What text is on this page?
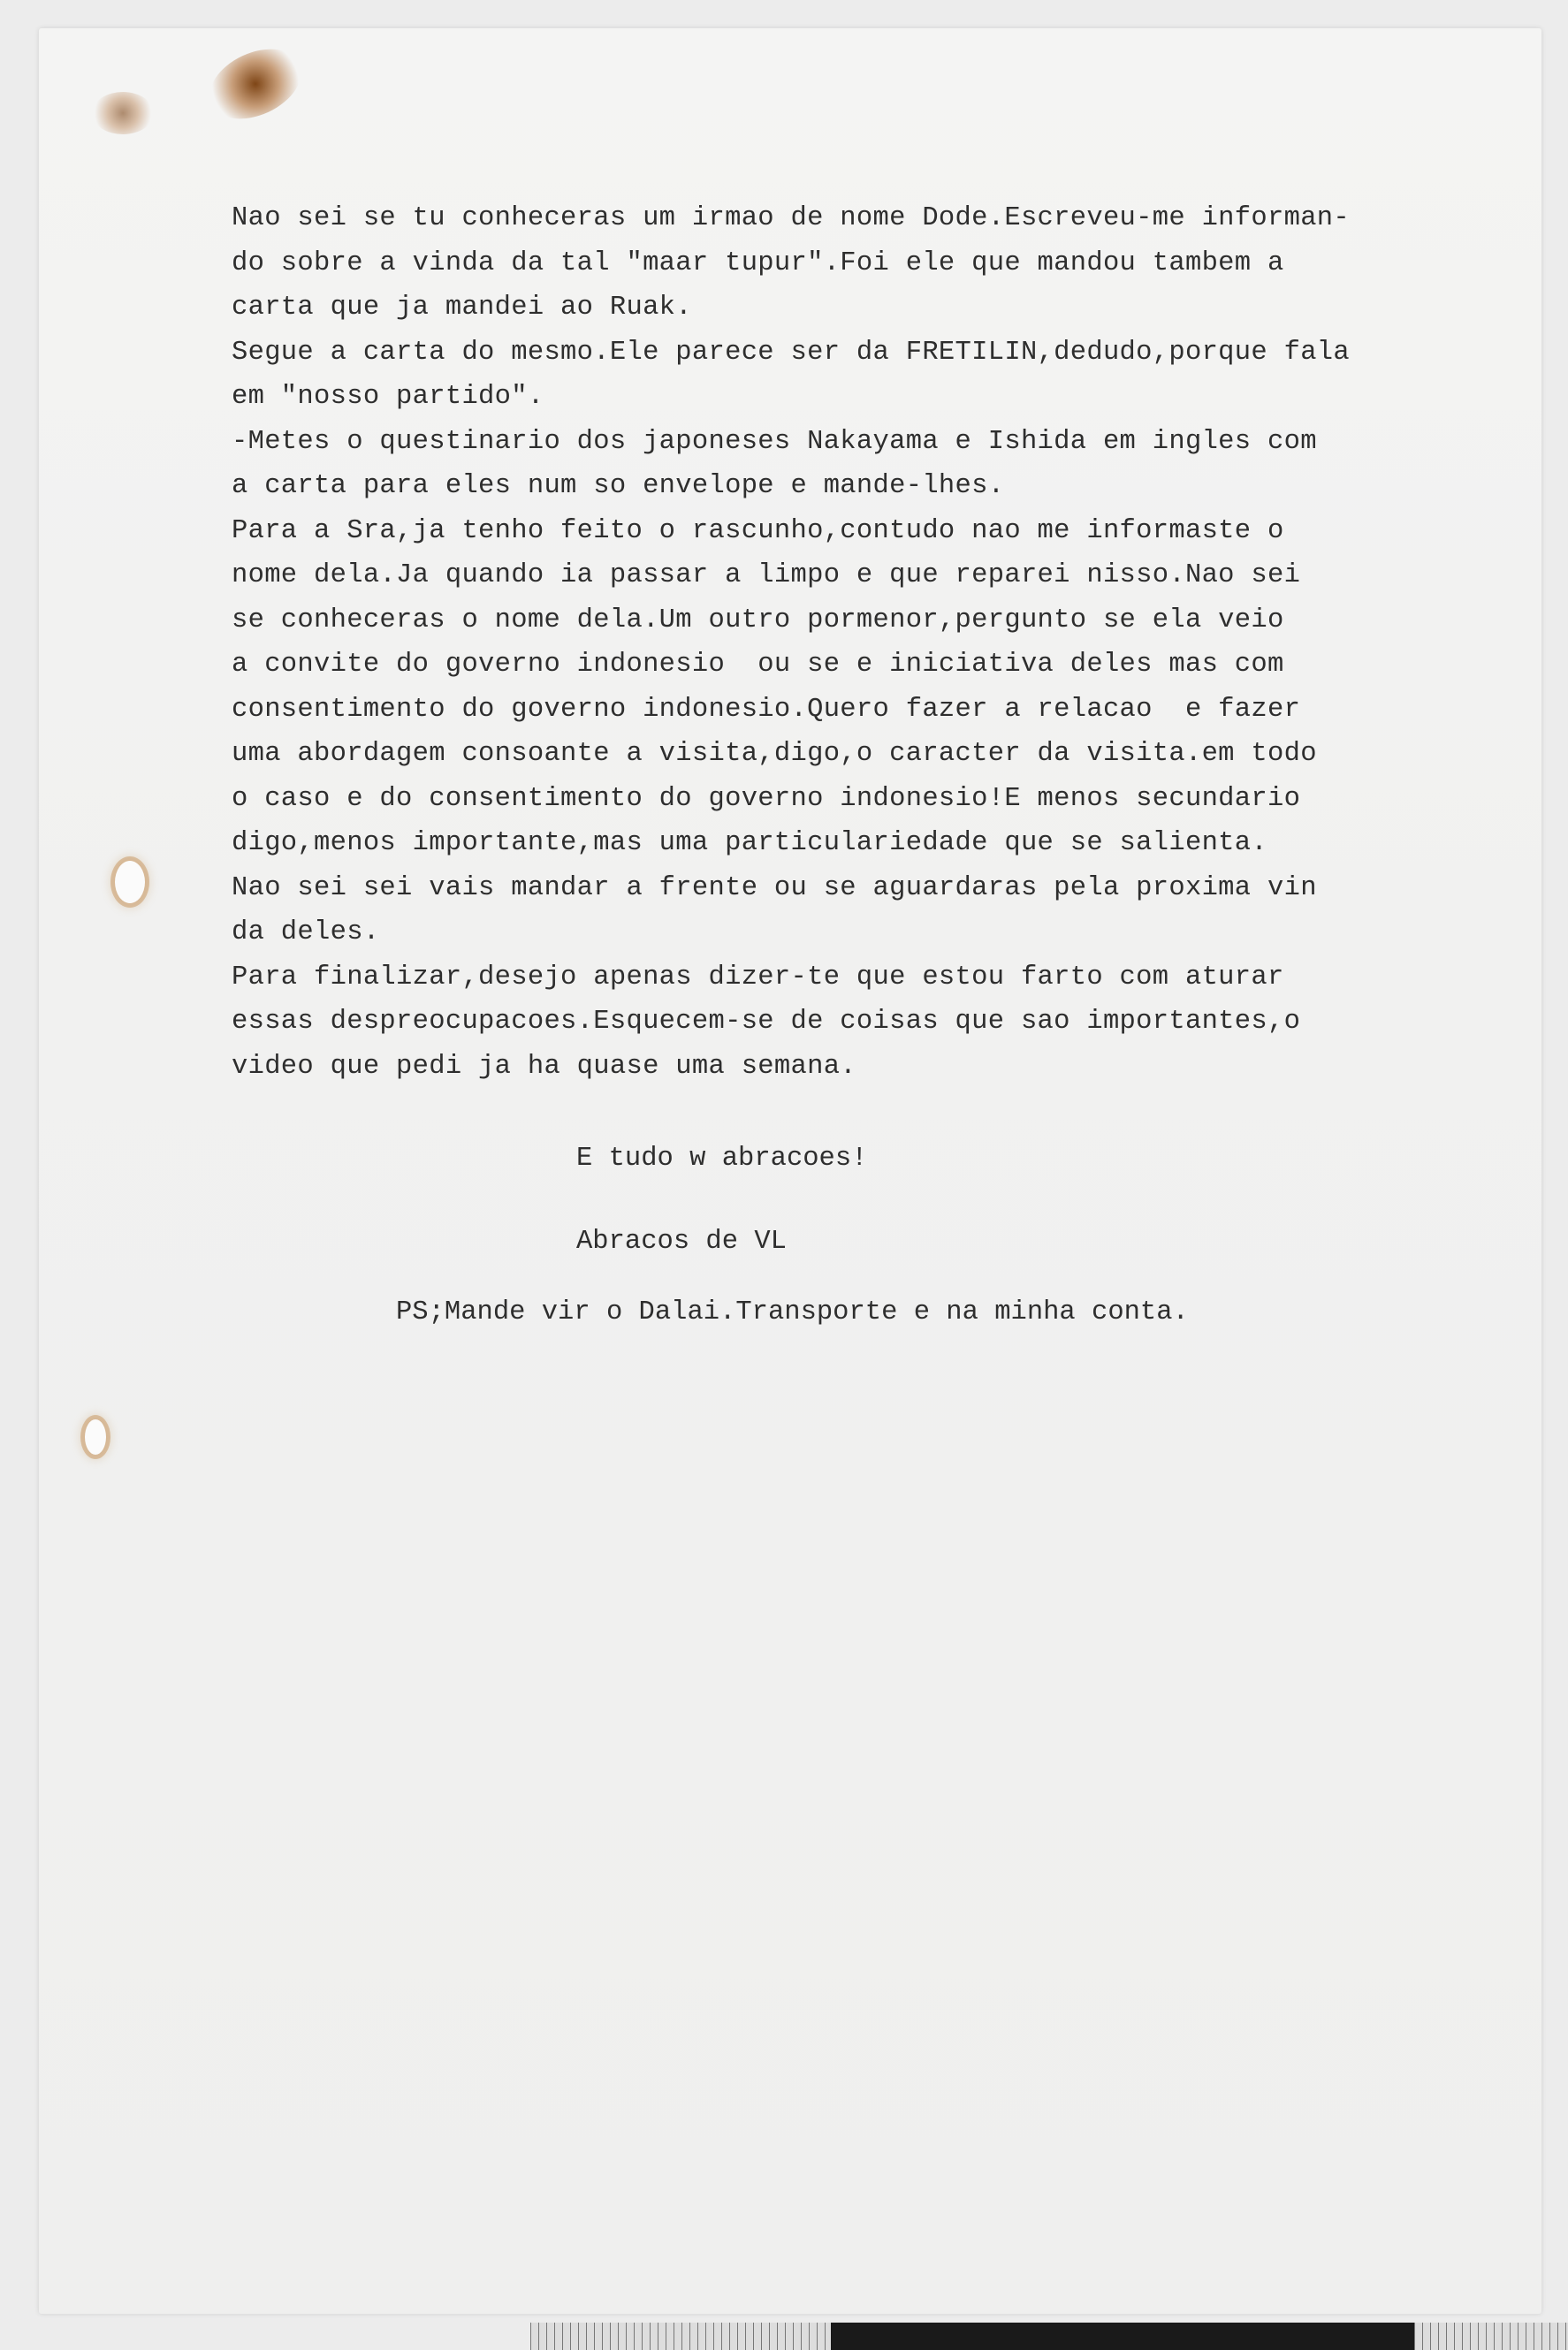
Nao sei se tu conheceras um irmao de nome Dode.Escreveu-me informan-
do sobre a vinda da tal "maar tupur".Foi ele que mandou tambem a
carta que ja mandei ao Ruak.
Segue a carta do mesmo.Ele parece ser da FRETILIN,dedudo,porque fala
em "nosso partido".
-Metes o questinario dos japoneses Nakayama e Ishida em ingles com
a carta para eles num so envelope e mande-lhes.
Para a Sra,ja tenho feito o rascunho,contudo nao me informaste o
nome dela.Ja quando ia passar a limpo e que reparei nisso.Nao sei
se conheceras o nome dela.Um outro pormenor,pergunto se ela veio
a convite do governo indonesio  ou se e iniciativa deles mas com
consentimento do governo indonesio.Quero fazer a relacao  e fazer
uma abordagem consoante a visita,digo,o caracter da visita.em todo
o caso e do consentimento do governo indonesio!E menos secundario
digo,menos importante,mas uma particulariedade que se salienta.
Nao sei sei vais mandar a frente ou se aguardaras pela proxima vin
da deles.
Para finalizar,desejo apenas dizer-te que estou farto com aturar
essas despreocupacoes.Esquecem-se de coisas que sao importantes,o
video que pedi ja ha quase uma semana.
E tudo w abracoes!
Abracos de VL
PS;Mande vir o Dalai.Transporte e na minha conta.
